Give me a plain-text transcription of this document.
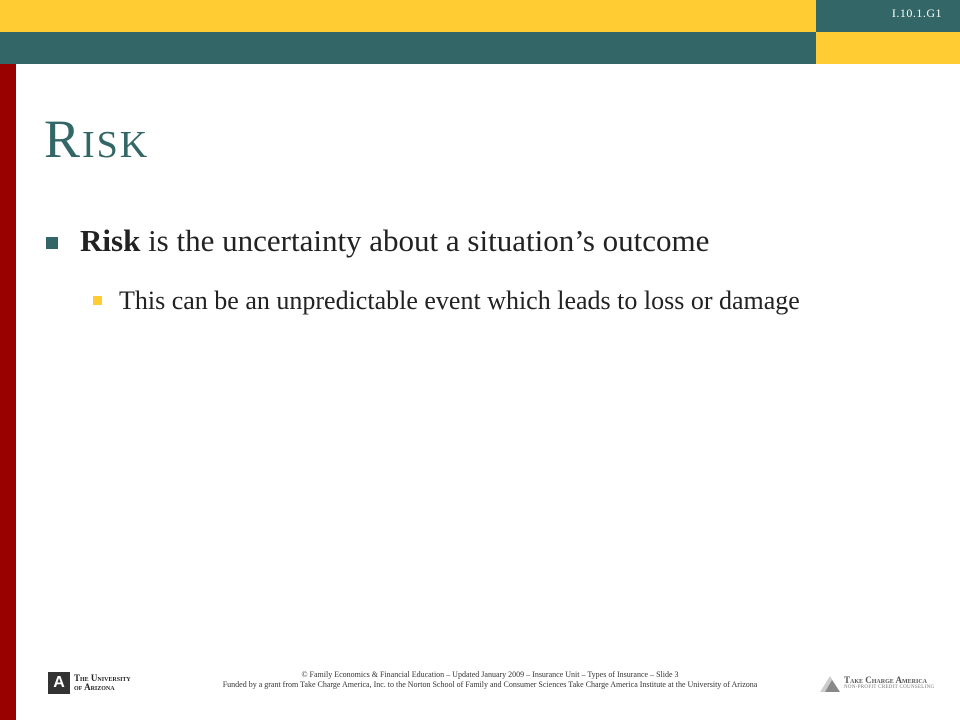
I.10.1.G1
Risk
Risk is the uncertainty about a situation’s outcome
This can be an unpredictable event which leads to loss or damage
A	The University
of Arizona
© Family Economics & Financial Education – Updated January 2009 – Insurance Unit – Types of Insurance – Slide 3
Funded by a grant from Take Charge America, Inc. to the Norton School of Family and Consumer Sciences Take Charge America Institute at the University of Arizona	Take Charge America
NON-PROFIT CREDIT COUNSELING
